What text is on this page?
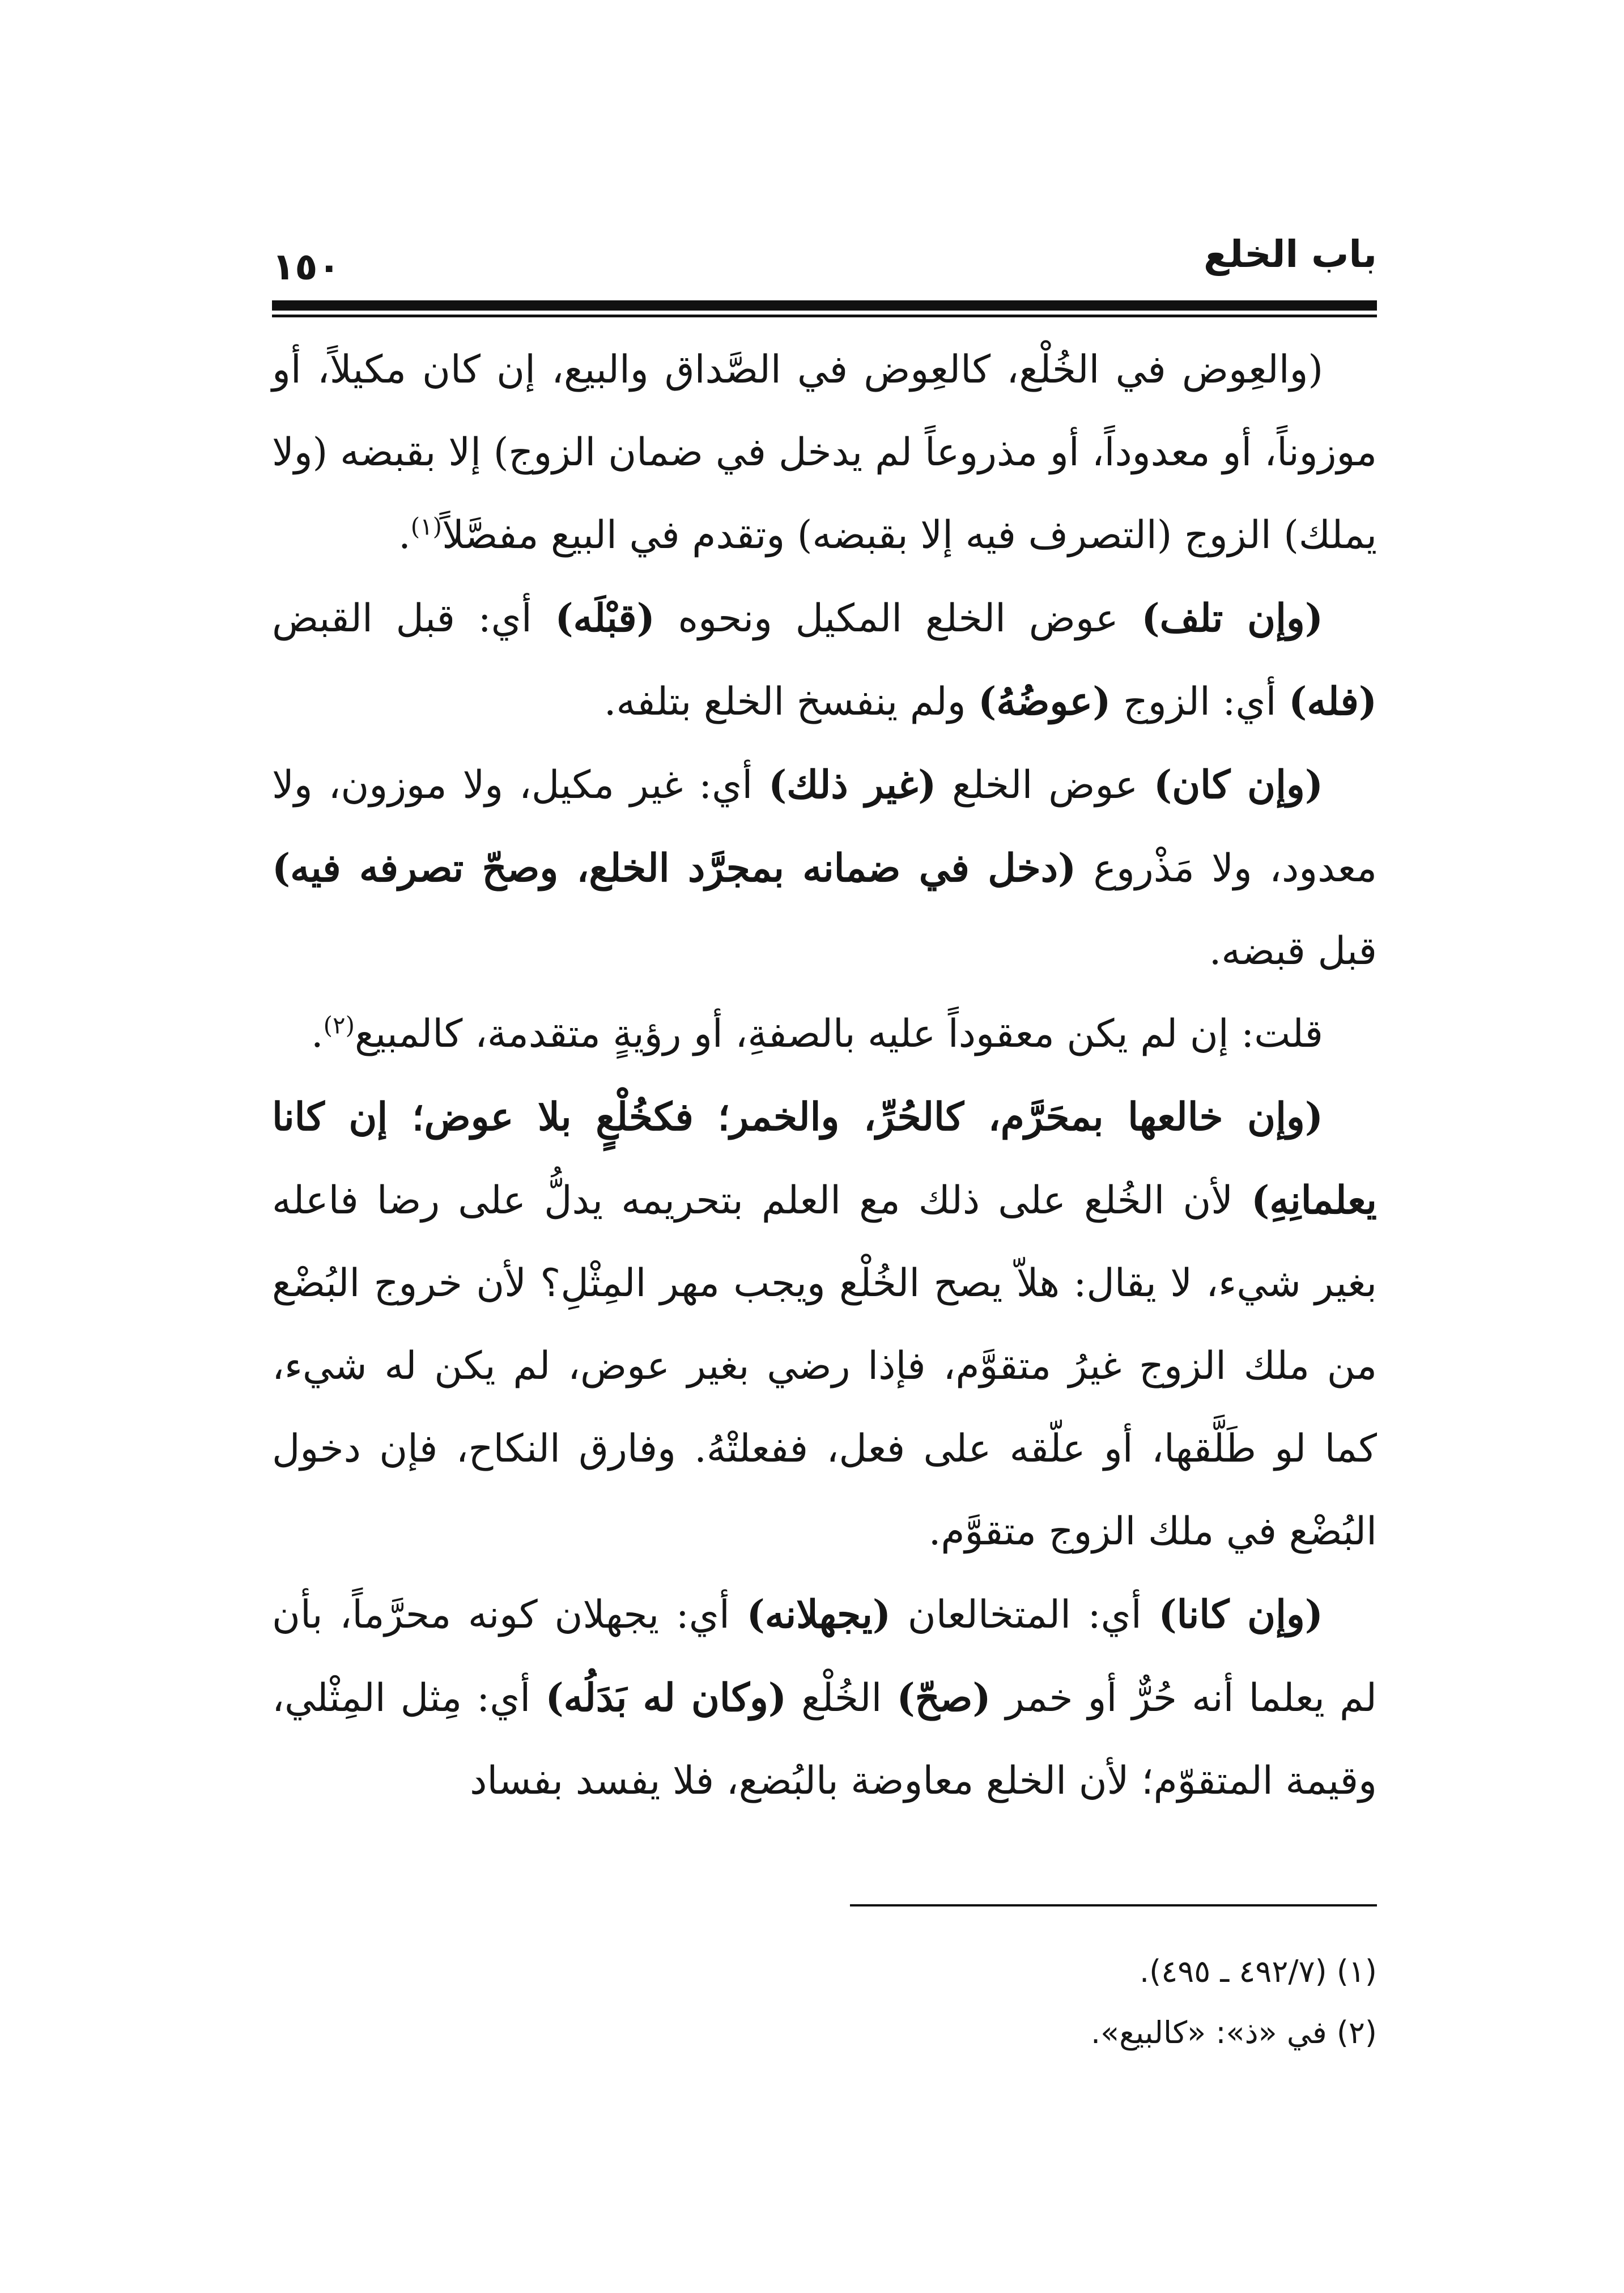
باب الخلع
١٥٠

(والعِوض في الخُلْع، كالعِوض في الصَّداق والبيع، إن كان مكيلاً، أو موزوناً، أو معدوداً، أو مذروعاً لم يدخل في ضمان الزوج) إلا بقبضه (ولا يملك) الزوج (التصرف فيه إلا بقبضه) وتقدم في البيع مفصَّلاً$^{(١)}$.

(وإن تلف) عوض الخلع المكيل ونحوه (قبْلَه) أي: قبل القبض (فله) أي: الزوج (عوضُهُ) ولم ينفسخ الخلع بتلفه.

(وإن كان) عوض الخلع (غير ذلك) أي: غير مكيل، ولا موزون، ولا معدود، ولا مَذْروع (دخل في ضمانه بمجرَّد الخلع، وصحّ تصرفه فيه) قبل قبضه.

قلت: إن لم يكن معقوداً عليه بالصفةِ، أو رؤيةٍ متقدمة، كالمبيع$^{(٢)}$.

(وإن خالعها بمحَرَّم، كالحُرِّ، والخمر؛ فكخُلْعٍ بلا عوض؛ إن كانا يعلمانِهِ) لأن الخُلع على ذلك مع العلم بتحريمه يدلُّ على رضا فاعله بغير شيء، لا يقال: هلاّ يصح الخُلْع ويجب مهر المِثْلِ؟ لأن خروج البُضْع من ملك الزوج غيرُ متقوَّم، فإذا رضي بغير عوض، لم يكن له شيء، كما لو طَلَّقها، أو علّقه على فعل، ففعلتْهُ. وفارق النكاح، فإن دخول البُضْع في ملك الزوج متقوَّم.

(وإن كانا) أي: المتخالعان (يجهلانه) أي: يجهلان كونه محرَّماً، بأن لم يعلما أنه حُرٌّ أو خمر (صحّ) الخُلْع (وكان له بَدَلُه) أي: مِثل المِثْلي، وقيمة المتقوّم؛ لأن الخلع معاوضة بالبُضع، فلا يفسد بفساد

(١) (٤٩٢/٧ ـ ٤٩٥).

(٢) في «ذ»: «كالبيع».
